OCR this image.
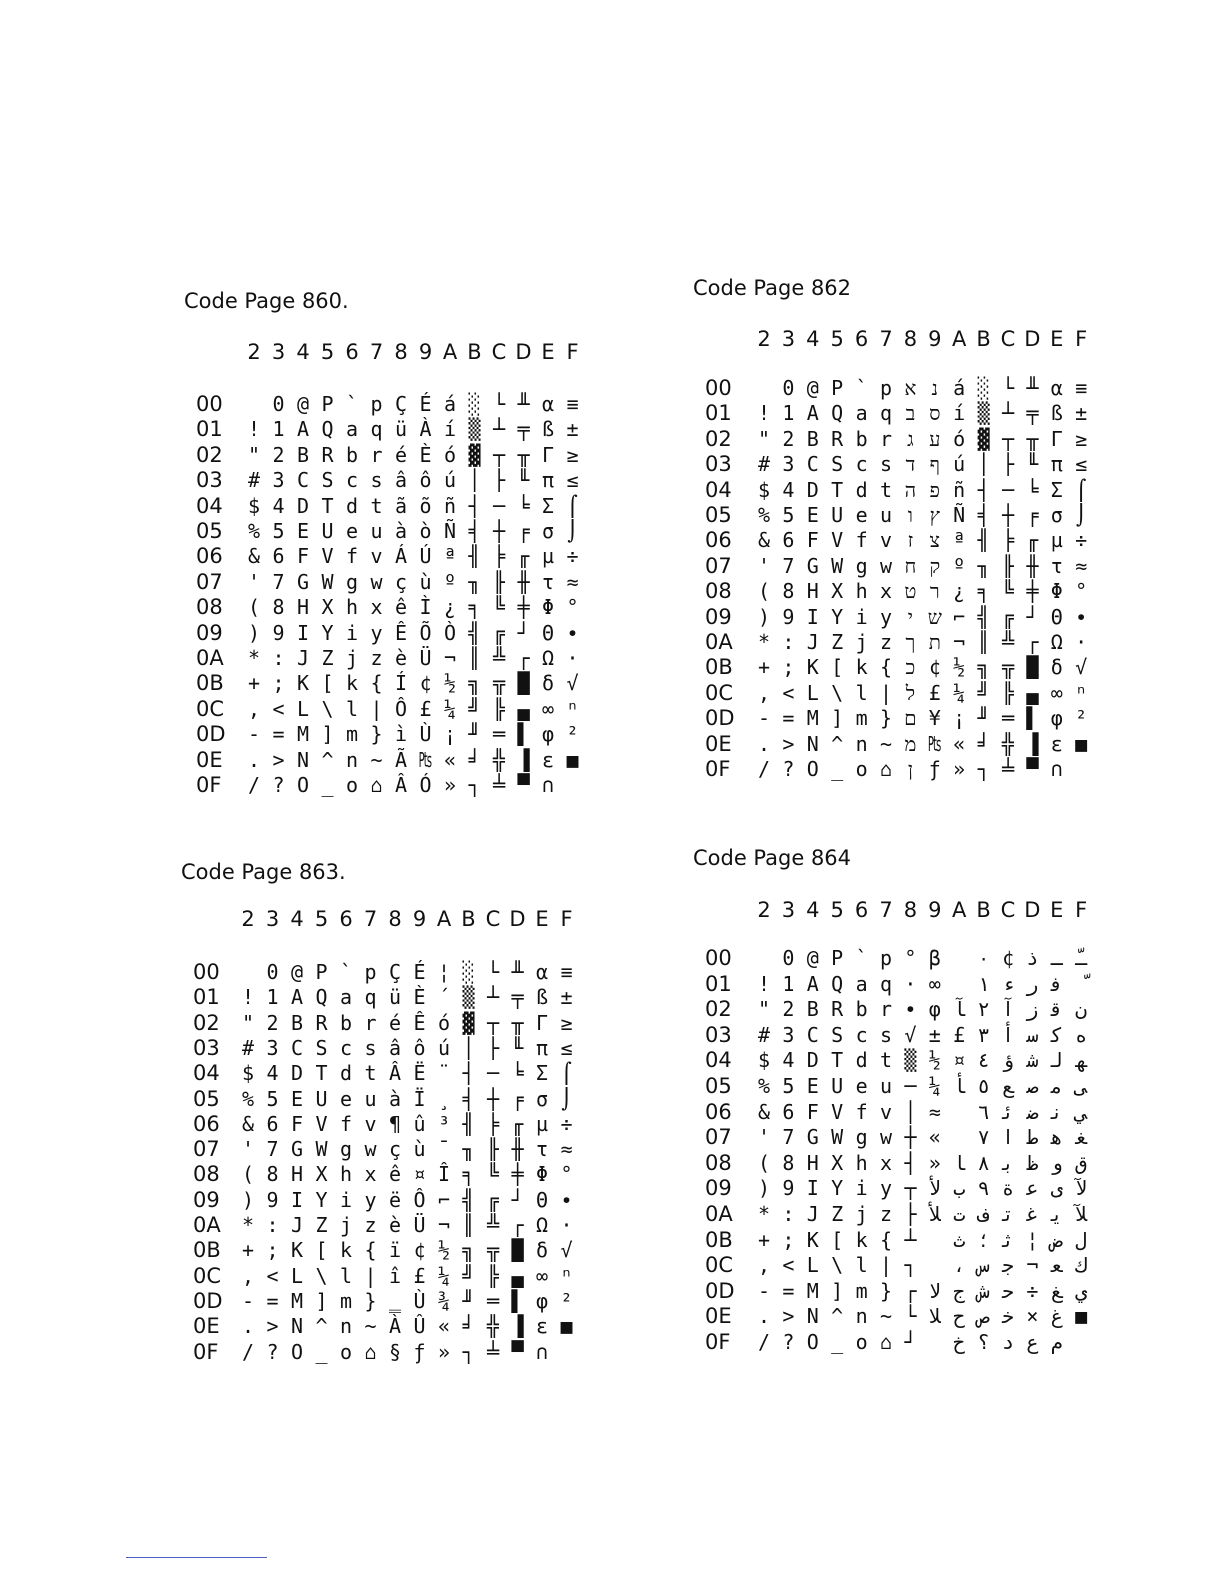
Code Page 860.
2 3 4 5 6 7 8 9 A B C D E F
00
01
02
03
04
05
06
07
08
09
0A
0B
0C
0D
0E
0F
!
"
#
$
%
&
'
(
)
*
+
,
-
.
/
0
1
2
3
4
5
6
7
8
9
:
;
<
=
>
?
@
A
B
C
D
E
F
G
H
I
J
K
L
M
N
O
P
Q
R
S
T
U
V
W
X
Y
Z
[
\
]
^
_
`
a
b
c
d
e
f
g
h
i
j
k
l
m
n
o
p
q
r
s
t
u
v
w
x
y
z
{
|
}
~
⌂
Ç
ü
é
â
ã
à
Á
ç
ê
Ê
è
Í
Ô
ì
Ã
Â
É
À
È
ô
õ
ò
Ú
ù
Ì
Õ
Ü
¢
£
Ù
₧
Ó
á
í
ó
ú
ñ
Ñ
ª
º
¿
Ò
¬
½
¼
¡
«
»
░
▒
▓
│
┤
╡
╢
╖
╕
╣
║
╗
╝
╜
╛
┐
└
┴
┬
├
─
┼
╞
╟
╚
╔
╩
╦
╠
═
╬
╧
╨
╤
╥
╙
╘
╒
╓
╫
╪
┘
┌
█
▄
▌
▐
▀
α
ß
Γ
π
Σ
σ
µ
τ
Φ
Θ
Ω
δ
∞
φ
ε
∩
≡
±
≥
≤
⌠
⌡
÷
≈
°
∙
·
√
ⁿ
²
■
Code Page 862
2 3 4 5 6 7 8 9 A B C D E F
00
01
02
03
04
05
06
07
08
09
0A
0B
0C
0D
0E
0F
!
"
#
$
%
&
'
(
)
*
+
,
-
.
/
0
1
2
3
4
5
6
7
8
9
:
;
<
=
>
?
@
A
B
C
D
E
F
G
H
I
J
K
L
M
N
O
P
Q
R
S
T
U
V
W
X
Y
Z
[
\
]
^
_
`
a
b
c
d
e
f
g
h
i
j
k
l
m
n
o
p
q
r
s
t
u
v
w
x
y
z
{
|
}
~
⌂
א
ב
ג
ד
ה
ו
ז
ח
ט
י
ך
כ
ל
ם
מ
ן
נ
ס
ע
ף
פ
ץ
צ
ק
ר
ש
ת
¢
£
¥
₧
ƒ
á
í
ó
ú
ñ
Ñ
ª
º
¿
⌐
¬
½
¼
¡
«
»
░
▒
▓
│
┤
╡
╢
╖
╕
╣
║
╗
╝
╜
╛
┐
└
┴
┬
├
─
┼
╞
╟
╚
╔
╩
╦
╠
═
╬
╧
╨
╤
╥
╙
╘
╒
╓
╫
╪
┘
┌
█
▄
▌
▐
▀
α
ß
Γ
π
Σ
σ
µ
τ
Φ
Θ
Ω
δ
∞
φ
ε
∩
≡
±
≥
≤
⌠
⌡
÷
≈
°
∙
·
√
ⁿ
²
■
Code Page 863.
2 3 4 5 6 7 8 9 A B C D E F
00
01
02
03
04
05
06
07
08
09
0A
0B
0C
0D
0E
0F
!
"
#
$
%
&
'
(
)
*
+
,
-
.
/
0
1
2
3
4
5
6
7
8
9
:
;
<
=
>
?
@
A
B
C
D
E
F
G
H
I
J
K
L
M
N
O
P
Q
R
S
T
U
V
W
X
Y
Z
[
\
]
^
_
`
a
b
c
d
e
f
g
h
i
j
k
l
m
n
o
p
q
r
s
t
u
v
w
x
y
z
{
|
}
~
⌂
Ç
ü
é
â
Â
à
¶
ç
ê
ë
è
ï
î
‗
À
§
É
È
Ê
ô
Ë
Ï
û
ù
¤
Ô
Ü
¢
£
Ù
Û
ƒ
¦
´
ó
ú
¨
¸
³
¯
Î
⌐
¬
½
¼
¾
«
»
░
▒
▓
│
┤
╡
╢
╖
╕
╣
║
╗
╝
╜
╛
┐
└
┴
┬
├
─
┼
╞
╟
╚
╔
╩
╦
╠
═
╬
╧
╨
╤
╥
╙
╘
╒
╓
╫
╪
┘
┌
█
▄
▌
▐
▀
α
ß
Γ
π
Σ
σ
µ
τ
Φ
Θ
Ω
δ
∞
φ
ε
∩
≡
±
≥
≤
⌠
⌡
÷
≈
°
∙
·
√
ⁿ
²
■
Code Page 864
2 3 4 5 6 7 8 9 A B C D E F
00
01
02
03
04
05
06
07
08
09
0A
0B
0C
0D
0E
0F
!
"
#
$
%
&
'
(
)
*
+
,
-
.
/
0
1
2
3
4
5
6
7
8
9
:
;
<
=
>
?
@
A
B
C
D
E
F
G
H
I
J
K
L
M
N
O
P
Q
R
S
T
U
V
W
X
Y
Z
[
\
]
^
_
`
a
b
c
d
e
f
g
h
i
j
k
l
m
n
o
p
q
r
s
t
u
v
w
x
y
z
{
|
}
~
⌂
°
·
∙
√
▒
─
│
┼
┤
┬
├
┴
┐
┌
└
┘
β
∞
φ
±
½
¼
≈
«
»
ﻷ
ﻸ
ﻻ
ﻼ
ﺂ
£
¤
ﺄ
ﺎ
ﺏ
ﺕ
ﺙ
،
ﺝ
ﺡ
ﺥ
٠
١
٢
٣
٤
٥
٦
٧
٨
٩
ﻑ
؛
ﺱ
ﺵ
ﺹ
؟
¢
ﺀ
ﺁ
ﺃ
ﺅ
ﻊ
ﺋ
ﺍ
ﺑ
ﺓ
ﺗ
ﺛ
ﺟ
ﺣ
ﺧ
ﺩ
ﺫ
ﺭ
ﺯ
ﺳ
ﺷ
ﺻ
ﺿ
ﻁ
ﻅ
ﻋ
ﻏ
¦
¬
÷
×
ﻉ
ـ
ﻓ
ﻗ
ﻛ
ﻟ
ﻣ
ﻧ
ﻫ
ﻭ
ﻯ
ﻳ
ﺽ
ﻌ
ﻎ
ﻍ
ﻡ
ﹽ
ﻥ
ﻩ
ﻬ
ﻰ
ﻲ
ﻐ
ﻕ
ﻵ
ﻶ
ﻝ
ﻙ
ﻱ
■
